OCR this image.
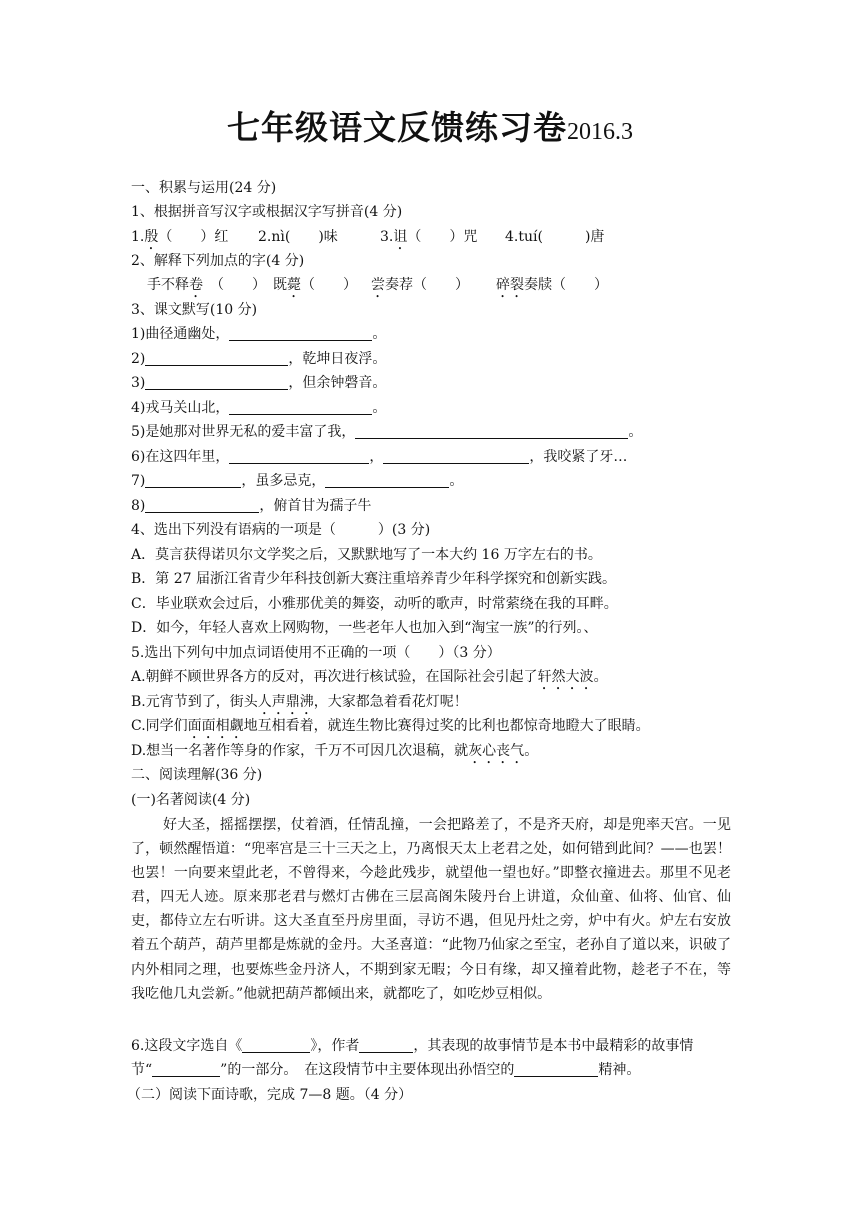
七年级语文反馈练习卷2016.3
一、积累与运用(24 分)
1、根据拼音写汉字或根据汉字写拼音(4 分)
1.殷（　　）红 2.nì(　　)味	3.诅（　　）咒 4.tuí(　　　)唐
2、解释下列加点的字(4 分)
手不释卷　（　　） 既薨（　　） 尝奏荐（　　） 碎裂奏牍（　　）
3、课文默写(10 分)
1)曲径通幽处，	。
2)	，乾坤日夜浮。
3)	，但余钟磬音。
4)戎马关山北，	。
5)是她那对世界无私的爱丰富了我，	。
6)在这四年里，	，	，我咬紧了牙…
7)	，虽多忌克，	。
8)	，俯首甘为孺子牛
4、选出下列没有语病的一项是（　　　）(3 分)
A．莫言获得诺贝尔文学奖之后，又默默地写了一本大约 16 万字左右的书。
B．第 27 届浙江省青少年科技创新大赛注重培养青少年科学探究和创新实践。
C．毕业联欢会过后，小雅那优美的舞姿，动听的歌声，时常萦绕在我的耳畔。
D．如今，年轻人喜欢上网购物，一些老年人也加入到“淘宝一族”的行列。、
5.选出下列句中加点词语使用不正确的一项（　　）（3 分）
A.朝鲜不顾世界各方的反对，再次进行核试验，在国际社会引起了轩然大波。
B.元宵节到了，街头人声鼎沸，大家都急着看花灯呢！
C.同学们面面相觑地互相看着，就连生物比赛得过奖的比利也都惊奇地瞪大了眼睛。
D.想当一名著作等身的作家，千万不可因几次退稿，就灰心丧气。
二、阅读理解(36 分)
(一)名著阅读(4 分)
好大圣，摇摇摆摆，仗着酒，任情乱撞，一会把路差了，不是齐天府，却是兜率天宫。一见了，顿然醒悟道：“兜率宫是三十三天之上，乃离恨天太上老君之处，如何错到此间？——也罢！也罢！一向要来望此老，不曾得来，今趁此残步，就望他一望也好。”即整衣撞进去。那里不见老君，四无人迹。原来那老君与燃灯古佛在三层高阁朱陵丹台上讲道，众仙童、仙将、仙官、仙吏，都侍立左右听讲。这大圣直至丹房里面，寻访不遇，但见丹灶之旁，炉中有火。炉左右安放着五个葫芦，葫芦里都是炼就的金丹。大圣喜道：“此物乃仙家之至宝，老孙自了道以来，识破了内外相同之理，也要炼些金丹济人，不期到家无暇；今日有缘，却又撞着此物，趁老子不在，等我吃他几丸尝新。”他就把葫芦都倾出来，就都吃了，如吃炒豆相似。
6.这段文字选自《	》，作者	，其表现的故事情节是本书中最精彩的故事情
节“	”的一部分。　在这段情节中主要体现出孙悟空的	精神。
（二）阅读下面诗歌，完成 7—8 题。（4 分）
